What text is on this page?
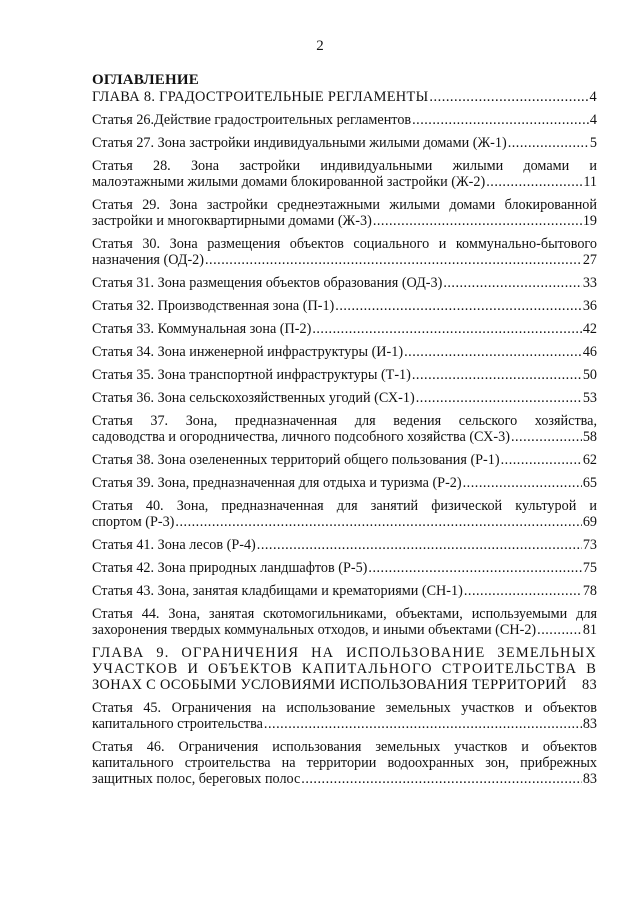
2

ОГЛАВЛЕНИЕ

ГЛАВА 8. ГРАДОСТРОИТЕЛЬНЫЕ РЕГЛАМЕНТЫ .....	4
Статья 26.Действие градостроительных регламентов .....	4
Статья 27. Зона застройки индивидуальными жилыми домами (Ж-1) .....	5
Статья 28. Зона застройки индивидуальными жилыми домами и
малоэтажными жилыми домами блокированной застройки (Ж-2) .....	11
Статья 29. Зона застройки среднеэтажными жилыми домами блокированной
застройки и многоквартирными домами (Ж-3) .....	19
Статья 30. Зона размещения объектов социального и коммунально-бытового
назначения (ОД-2) .....	27
Статья 31. Зона размещения объектов образования (ОД-3) .....	33
Статья 32. Производственная зона (П-1) .....	36
Статья 33. Коммунальная зона (П-2) .....	42
Статья 34. Зона инженерной инфраструктуры (И-1) .....	46
Статья 35. Зона транспортной инфраструктуры (Т-1) .....	50
Статья 36. Зона сельскохозяйственных угодий (СХ-1) .....	53
Статья 37. Зона, предназначенная для ведения сельского хозяйства,
садоводства и огородничества, личного подсобного хозяйства (СХ-3) .....	58
Статья 38. Зона озелененных территорий общего пользования (Р-1) .....	62
Статья 39. Зона, предназначенная для отдыха и туризма (Р-2) .....	65
Статья 40. Зона, предназначенная для занятий физической культурой и
спортом (Р-3) .....	69
Статья 41. Зона лесов (Р-4) .....	73
Статья 42. Зона природных ландшафтов (Р-5) .....	75
Статья 43. Зона, занятая кладбищами и крематориями (СН-1) .....	78
Статья 44. Зона, занятая скотомогильниками, объектами, используемыми для
захоронения твердых коммунальных отходов, и иными объектами (СН-2) .....	81
ГЛАВА 9. ОГРАНИЧЕНИЯ НА ИСПОЛЬЗОВАНИЕ ЗЕМЕЛЬНЫХ
УЧАСТКОВ И ОБЪЕКТОВ КАПИТАЛЬНОГО СТРОИТЕЛЬСТВА В
ЗОНАХ С ОСОБЫМИ УСЛОВИЯМИ ИСПОЛЬЗОВАНИЯ ТЕРРИТОРИЙ 83
Статья 45. Ограничения на использование земельных участков и объектов
капитального строительства .....	83
Статья 46. Ограничения использования земельных участков и объектов
капитального строительства на территории водоохранных зон, прибрежных
защитных полос, береговых полос .....	83
